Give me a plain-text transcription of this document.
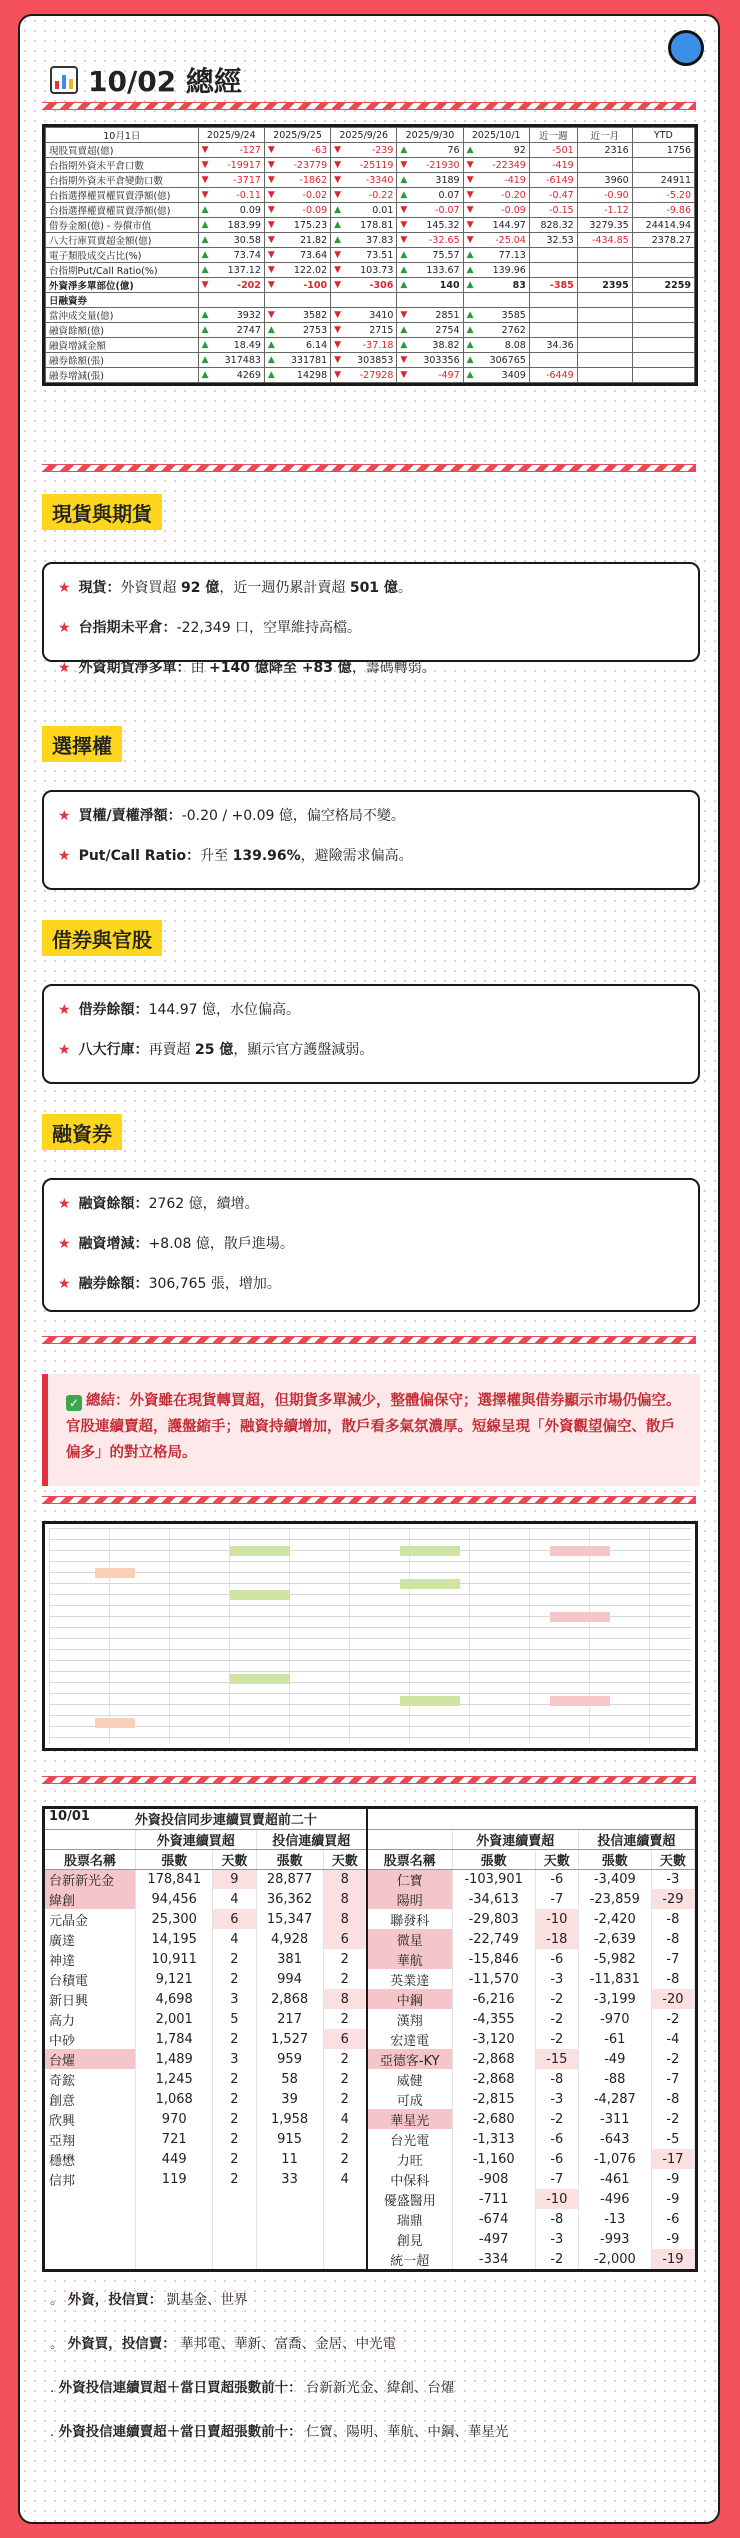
10/02 總經
10月1日	2025/9/24	2025/9/25	2025/9/26	2025/9/30	2025/10/1	近一週	近一月	YTD
現股買賣超(億)	▼ -127	▼ -63	▼ -239	▲ 76	▲ 92	-501	2316	1756
台指期外資未平倉口數	▼ -19917	▼ -23779	▼ -25119	▼ -21930	▼ -22349	-419		
台指期外資未平倉變動口數	▼ -3717	▼ -1862	▼ -3340	▲ 3189	▼ -419	-6149	3960	24911
台指選擇權買權買賣淨額(億)	▼ -0.11	▼ -0.02	▼ -0.22	▲ 0.07	▼ -0.20	-0.47	-0.90	-5.20
台指選擇權賣權買賣淨額(億)	▲ 0.09	▼ -0.09	▲ 0.01	▼ -0.07	▼ -0.09	-0.15	-1.12	-9.86
借券金額(億) - 券償市值	▲ 183.99	▼ 175.23	▲ 178.81	▼ 145.32	▼ 144.97	828.32	3279.35	24414.94
八大行庫買賣超金額(億)	▲ 30.58	▼ 21.82	▲ 37.83	▼ -32.65	▼ -25.04	32.53	-434.85	2378.27
電子類股成交占比(%)	▲ 73.74	▼ 73.64	▼ 73.51	▲ 75.57	▲ 77.13			
台指期Put/Call Ratio(%)	▲ 137.12	▼ 122.02	▼ 103.73	▲ 133.67	▲ 139.96			
外資淨多單部位(億)	▼ -202	▼ -100	▼ -306	▲ 140	▲ 83	-385	2395	2259
日融資券								
當沖成交量(億)	▲ 3932	▼ 3582	▼ 3410	▼ 2851	▲ 3585			
融資餘額(億)	▲ 2747	▲ 2753	▼ 2715	▲ 2754	▲ 2762			
融資增減金額	▲ 18.49	▲ 6.14	▼ -37.18	▲ 38.82	▲ 8.08	34.36		
融券餘額(張)	▲ 317483	▲ 331781	▼ 303853	▼ 303356	▲ 306765			
融券增減(張)	▲ 4269	▲ 14298	▼ -27928	▼ -497	▲ 3409	-6449		
現貨與期貨
★ 現貨：外資買超 92 億，近一週仍累計賣超 501 億。
★ 台指期未平倉：-22,349 口，空單維持高檔。
★ 外資期貨淨多單：由 +140 億降至 +83 億，籌碼轉弱。
選擇權
★ 買權/賣權淨額：-0.20 / +0.09 億，偏空格局不變。
★ Put/Call Ratio：升至 139.96%，避險需求偏高。
借券與官股
★ 借券餘額：144.97 億，水位偏高。
★ 八大行庫：再賣超 25 億，顯示官方護盤減弱。
融資券
★ 融資餘額：2762 億，續增。
★ 融資增減：+8.08 億，散戶進場。
★ 融券餘額：306,765 張，增加。
✓ 總結：外資雖在現貨轉買超，但期貨多單減少，整體偏保守；選擇權與借券顯示市場仍偏空。官股連續賣超，護盤縮手；融資持續增加，散戶看多氣氛濃厚。短線呈現「外資觀望偏空、散戶偏多」的對立格局。
10/01 外資投信同步連續買賣超前二十									
	外資連續買超		投信連續買超			外資連續賣超		投信連續賣超	
股票名稱	張數	天數	張數	天數	股票名稱	張數	天數	張數	天數
台新新光金	178,841	9	28,877	8	仁寶	-103,901	-6	-3,409	-3
緯創	94,456	4	36,362	8	陽明	-34,613	-7	-23,859	-29
元晶金	25,300	6	15,347	8	聯發科	-29,803	-10	-2,420	-8
廣達	14,195	4	4,928	6	微星	-22,749	-18	-2,639	-8
神達	10,911	2	381	2	華航	-15,846	-6	-5,982	-7
台積電	9,121	2	994	2	英業達	-11,570	-3	-11,831	-8
新日興	4,698	3	2,868	8	中鋼	-6,216	-2	-3,199	-20
高力	2,001	5	217	2	漢翔	-4,355	-2	-970	-2
中砂	1,784	2	1,527	6	宏達電	-3,120	-2	-61	-4
台燿	1,489	3	959	2	亞德客-KY	-2,868	-15	-49	-2
奇鋐	1,245	2	58	2	威健	-2,868	-8	-88	-7
創意	1,068	2	39	2	可成	-2,815	-3	-4,287	-8
欣興	970	2	1,958	4	華星光	-2,680	-2	-311	-2
亞翔	721	2	915	2	台光電	-1,313	-6	-643	-5
穩懋	449	2	11	2	力旺	-1,160	-6	-1,076	-17
信邦	119	2	33	4	中保科	-908	-7	-461	-9
					優盛醫用	-711	-10	-496	-9
					瑞鼎	-674	-8	-13	-6
					創見	-497	-3	-993	-9
					統一超	-334	-2	-2,000	-19
。 外資，投信買： 凱基金、世界
。 外資買，投信賣： 華邦電、華新、富喬、金居、中光電
. 外資投信連續買超＋當日買超張數前十： 台新新光金、緯創、台燿
. 外資投信連續賣超＋當日賣超張數前十： 仁寶、陽明、華航、中鋼、華星光
